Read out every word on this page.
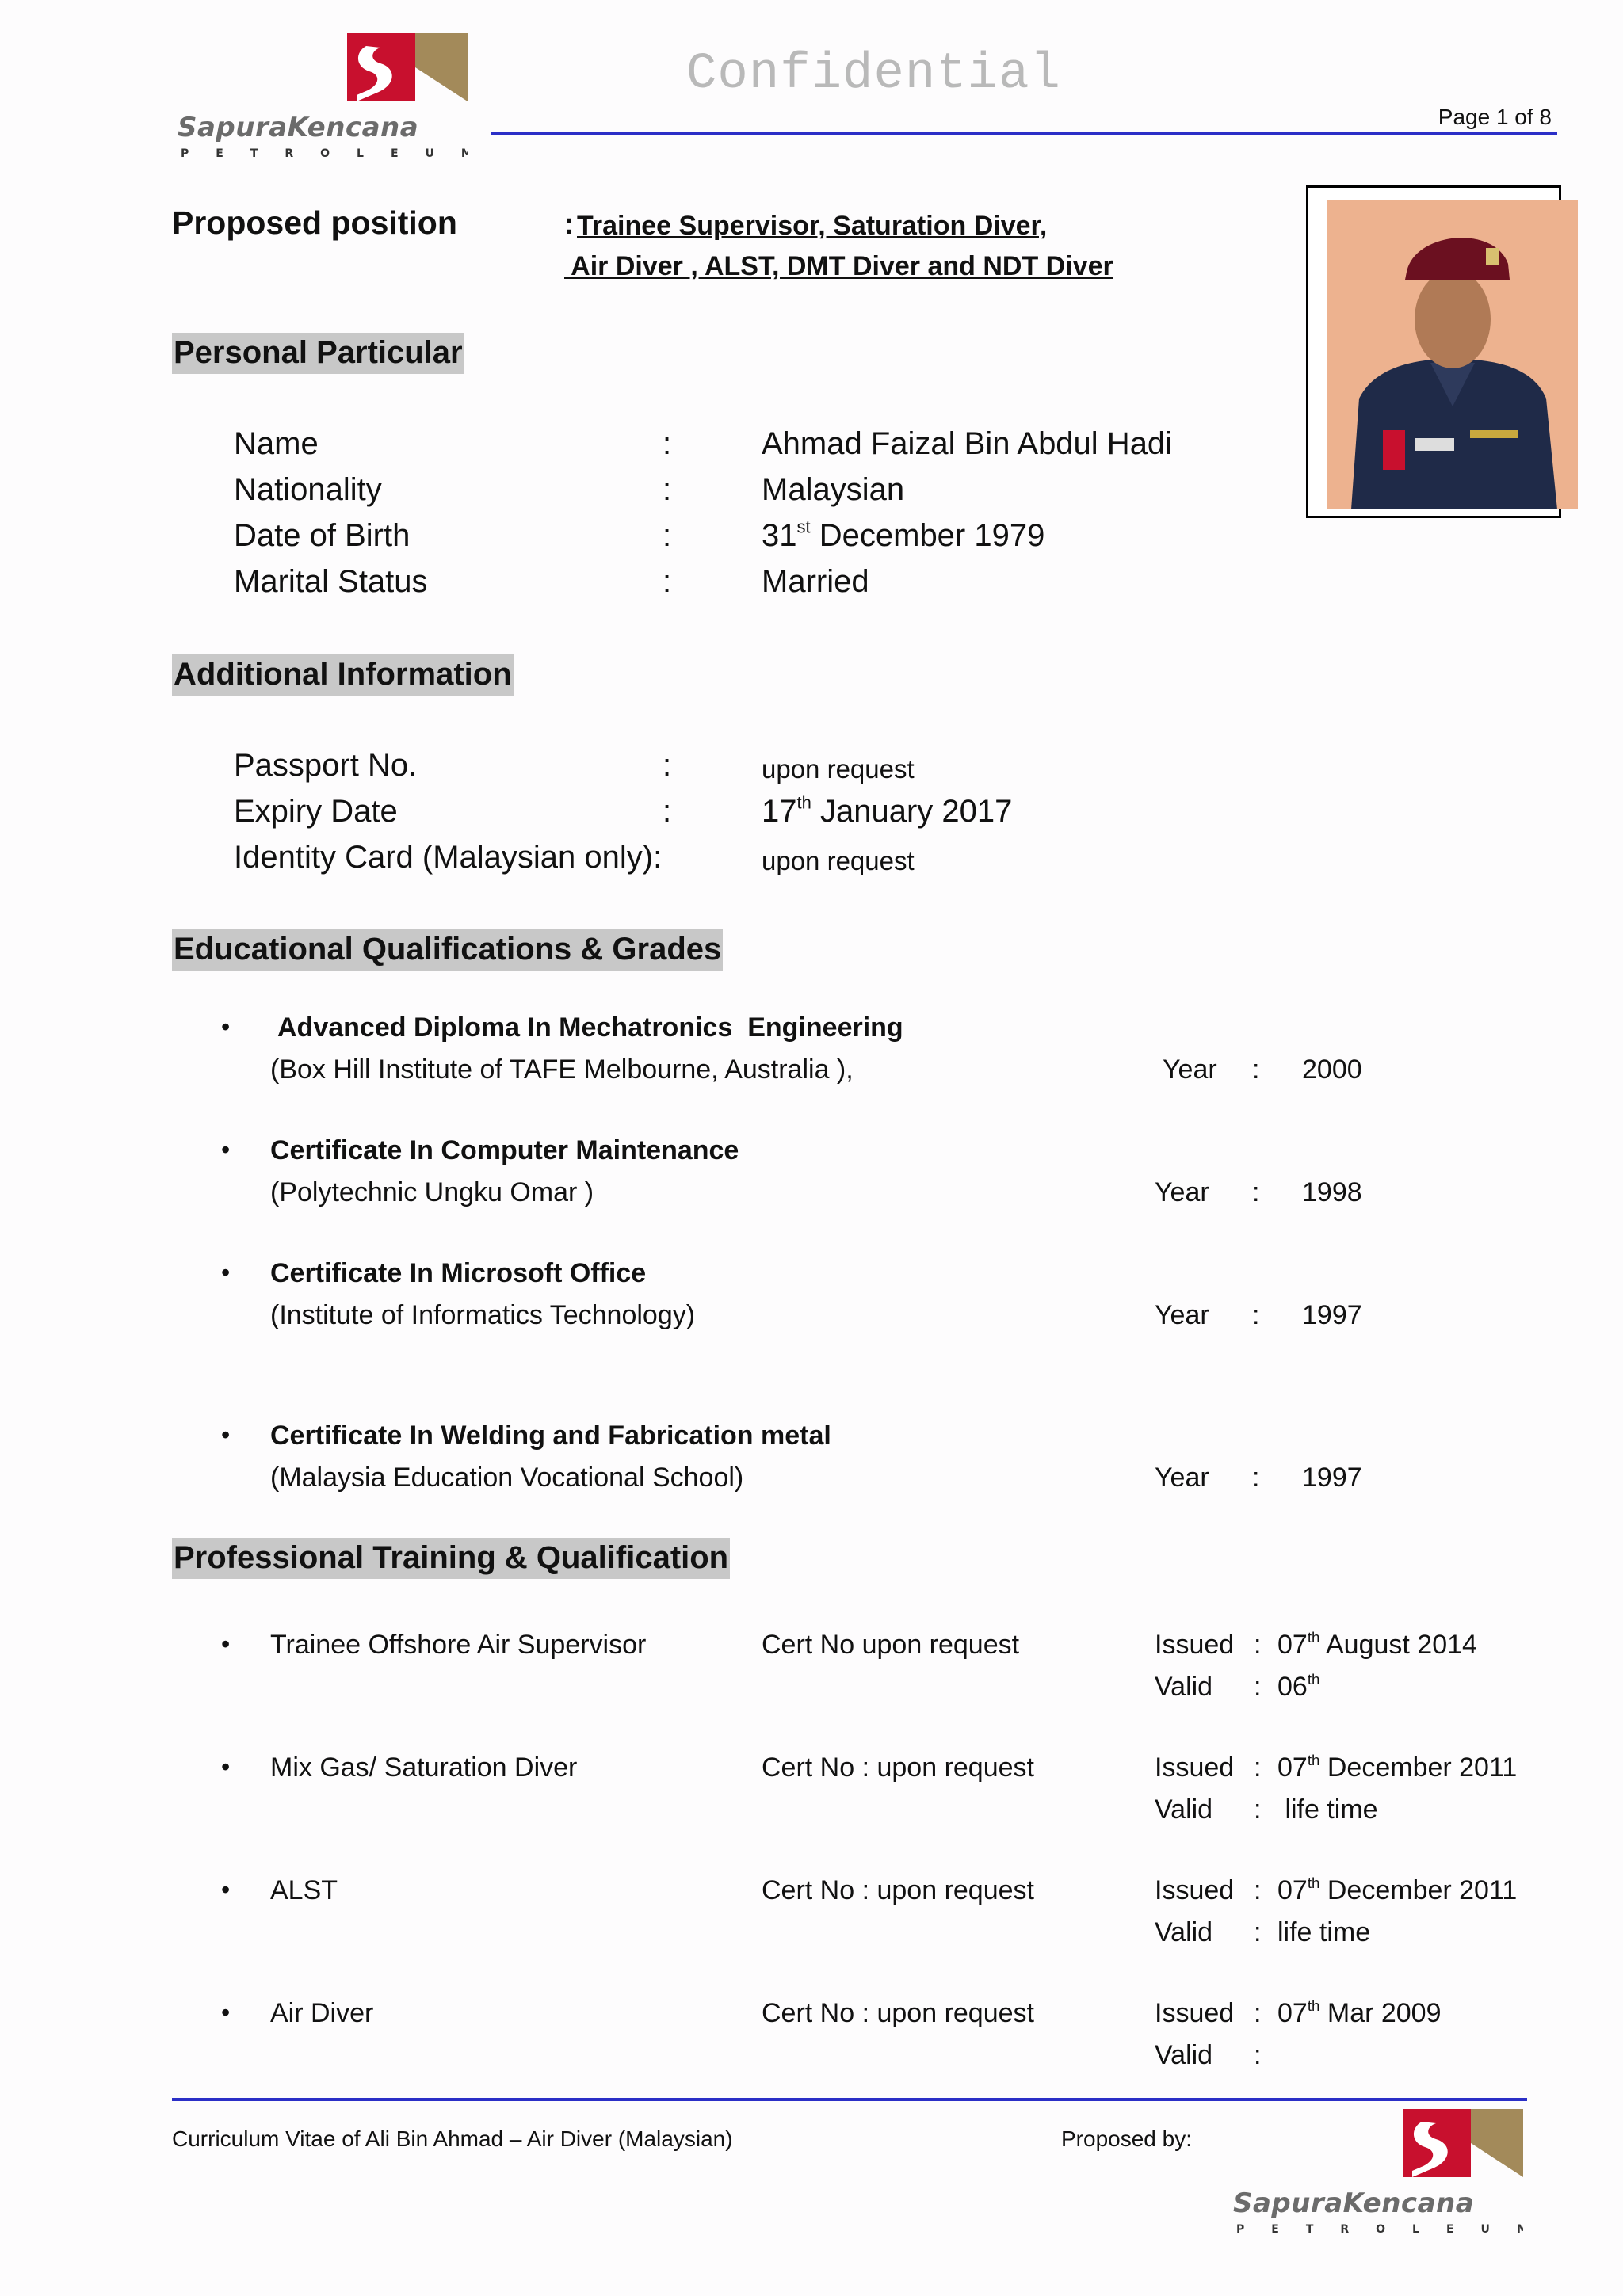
SapuraKencana
PETROLEUM
Confidential
Page 1 of 8
Proposed position	: Trainee Supervisor, Saturation Diver,
Air Diver , ALST, DMT Diver and NDT Diver
Personal Particular
Name	:	Ahmad Faizal Bin Abdul Hadi
Nationality	:	Malaysian
Date of Birth	:	31st December 1979
Marital Status	:	Married
Additional Information
Passport No.	:	upon request
Expiry Date	:	17th January 2017
Identity Card (Malaysian only):	upon request
Educational Qualifications & Grades
• Advanced Diploma In Mechatronics  Engineering
(Box Hill Institute of TAFE Melbourne, Australia ),	Year : 2000
• Certificate In Computer Maintenance
(Polytechnic Ungku Omar )	Year : 1998
• Certificate In Microsoft Office
(Institute of Informatics Technology)	Year : 1997
• Certificate In Welding and Fabrication metal
(Malaysia Education Vocational School)	Year : 1997
Professional Training & Qualification
• Trainee Offshore Air Supervisor	Cert No upon request	Issued : 07th August 2014
Valid : 06th
• Mix Gas/ Saturation Diver	Cert No : upon request	Issued : 07th December 2011
Valid : life time
• ALST	Cert No : upon request	Issued : 07th December 2011
Valid : life time
• Air Diver	Cert No : upon request	Issued : 07th Mar 2009
Valid :
Curriculum Vitae of Ali Bin Ahmad – Air Diver (Malaysian)	Proposed by:
SapuraKencana
PETROLEUM
